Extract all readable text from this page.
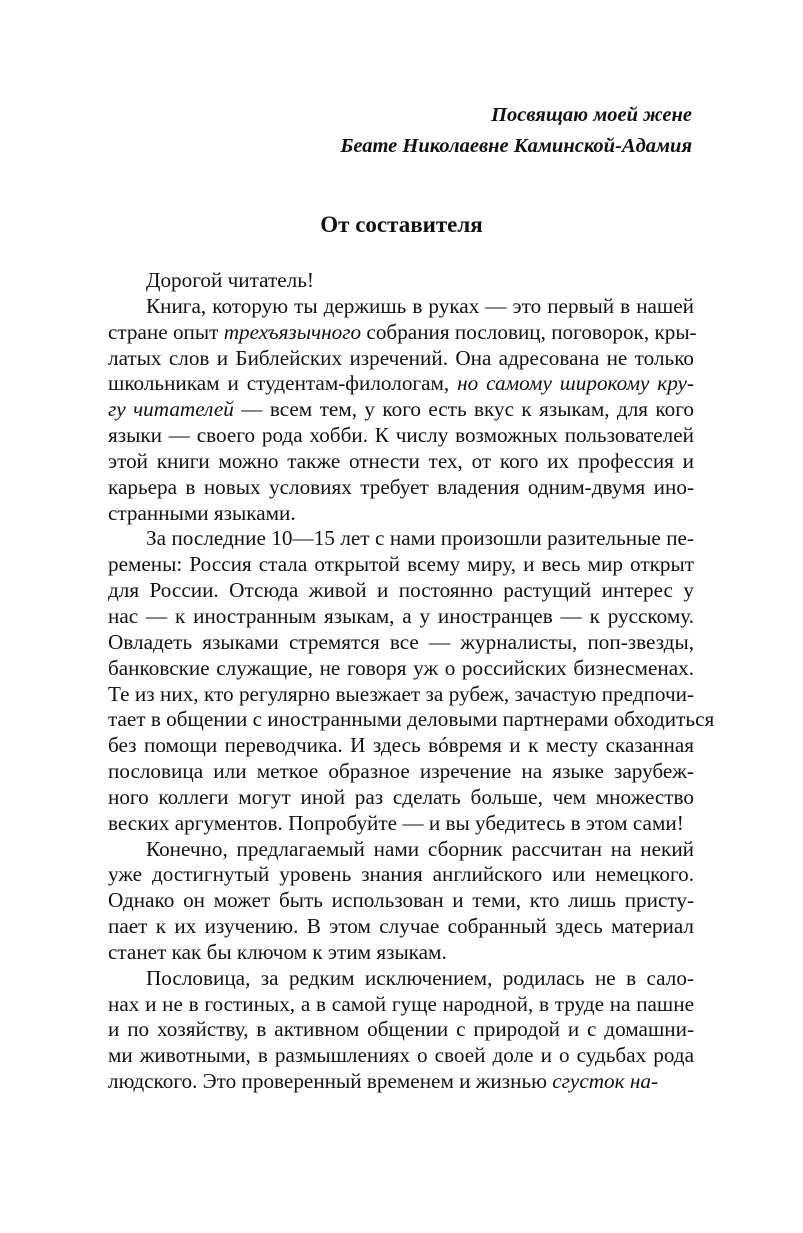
Посвящаю моей жене
Беате Николаевне Каминской-Адамия
От составителя
Дорогой читатель!
Книга, которую ты держишь в руках — это первый в нашей
стране опыт трехъязычного собрания пословиц, поговорок, кры-
латых слов и Библейских изречений. Она адресована не только
школьникам и студентам-филологам, но самому широкому кру-
гу читателей — всем тем, у кого есть вкус к языкам, для кого
языки — своего рода хобби. К числу возможных пользователей
этой книги можно также отнести тех, от кого их профессия и
карьера в новых условиях требует владения одним-двумя ино-
странными языками.
За последние 10—15 лет с нами произошли разительные пе-
ремены: Россия стала открытой всему миру, и весь мир открыт
для России. Отсюда живой и постоянно растущий интерес у
нас — к иностранным языкам, а у иностранцев — к русскому.
Овладеть языками стремятся все — журналисты, поп-звезды,
банковские служащие, не говоря уж о российских бизнесменах.
Те из них, кто регулярно выезжает за рубеж, зачастую предпочи-
тает в общении с иностранными деловыми партнерами обходиться
без помощи переводчика. И здесь вóвремя и к месту сказанная
пословица или меткое образное изречение на языке зарубеж-
ного коллеги могут иной раз сделать больше, чем множество
веских аргументов. Попробуйте — и вы убедитесь в этом сами!
Конечно, предлагаемый нами сборник рассчитан на некий
уже достигнутый уровень знания английского или немецкого.
Однако он может быть использован и теми, кто лишь присту-
пает к их изучению. В этом случае собранный здесь материал
станет как бы ключом к этим языкам.
Пословица, за редким исключением, родилась не в сало-
нах и не в гостиных, а в самой гуще народной, в труде на пашне
и по хозяйству, в активном общении с природой и с домашни-
ми животными, в размышлениях о своей доле и о судьбах рода
людского. Это проверенный временем и жизнью сгусток на-
